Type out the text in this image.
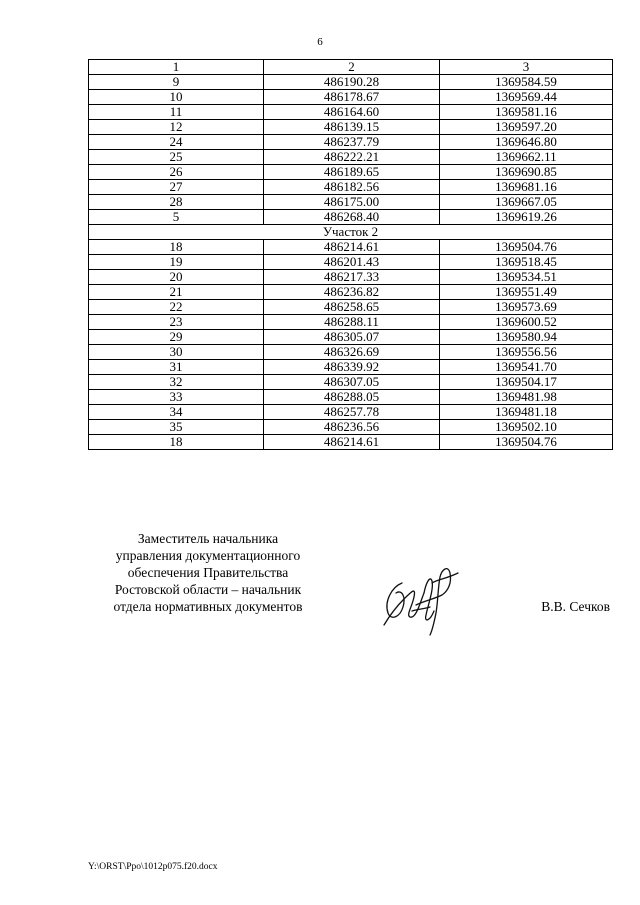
6
1	2	3
9	486190.28	1369584.59
10	486178.67	1369569.44
11	486164.60	1369581.16
12	486139.15	1369597.20
24	486237.79	1369646.80
25	486222.21	1369662.11
26	486189.65	1369690.85
27	486182.56	1369681.16
28	486175.00	1369667.05
5	486268.40	1369619.26
Участок 2		
18	486214.61	1369504.76
19	486201.43	1369518.45
20	486217.33	1369534.51
21	486236.82	1369551.49
22	486258.65	1369573.69
23	486288.11	1369600.52
29	486305.07	1369580.94
30	486326.69	1369556.56
31	486339.92	1369541.70
32	486307.05	1369504.17
33	486288.05	1369481.98
34	486257.78	1369481.18
35	486236.56	1369502.10
18	486214.61	1369504.76
Заместитель начальника
управления документационного
обеспечения Правительства
Ростовской области – начальник
отдела нормативных документов	В.В. Сечков
Y:\ORST\Ppo\1012p075.f20.docx
